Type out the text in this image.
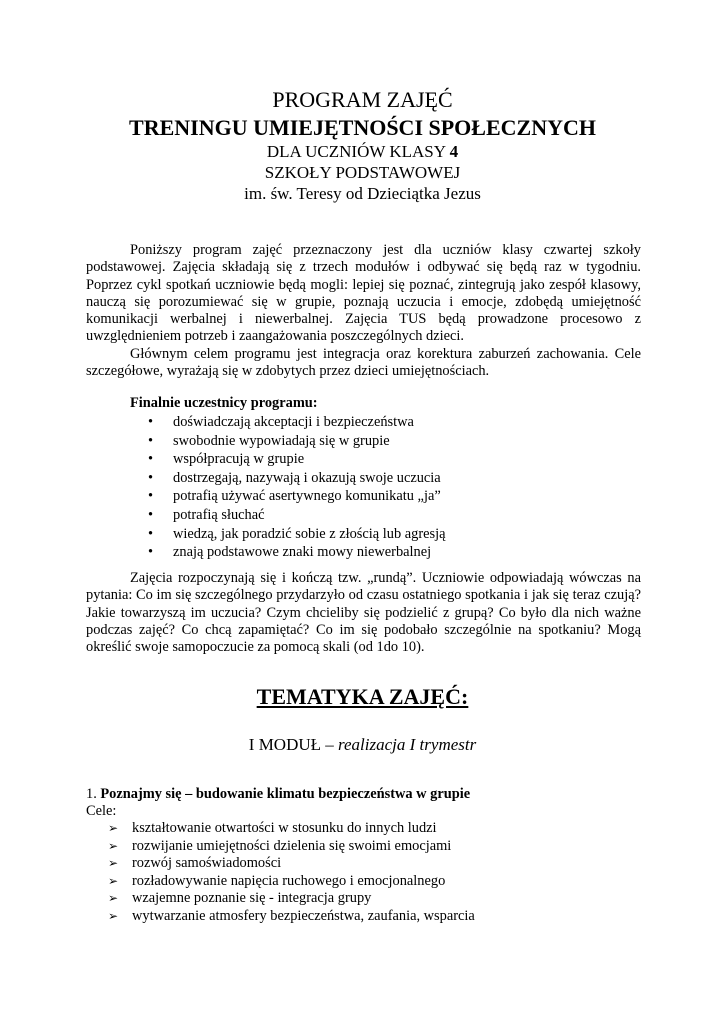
PROGRAM ZAJĘĆ
TRENINGU UMIEJĘTNOŚCI SPOŁECZNYCH
DLA UCZNIÓW KLASY 4
SZKOŁY PODSTAWOWEJ
im. św. Teresy od Dzieciątka Jezus

Poniższy program zajęć przeznaczony jest dla uczniów klasy czwartej szkoły podstawowej. Zajęcia składają się z trzech modułów i odbywać się będą raz w tygodniu. Poprzez cykl spotkań uczniowie będą mogli: lepiej się poznać, zintegrują jako zespół klasowy, nauczą się porozumiewać się w grupie, poznają uczucia i emocje, zdobędą umiejętność komunikacji werbalnej i niewerbalnej. Zajęcia TUS będą prowadzone procesowo z uwzględnieniem potrzeb i zaangażowania poszczególnych dzieci.

Głównym celem programu jest integracja oraz korektura zaburzeń zachowania. Cele szczegółowe, wyrażają się w zdobytych przez dzieci umiejętnościach.

Finalnie uczestnicy programu:
• doświadczają akceptacji i bezpieczeństwa
• swobodnie wypowiadają się w grupie
• współpracują w grupie
• dostrzegają, nazywają i okazują swoje uczucia
• potrafią używać asertywnego komunikatu „ja”
• potrafią słuchać
• wiedzą, jak poradzić sobie z złością lub agresją
• znają podstawowe znaki mowy niewerbalnej

Zajęcia rozpoczynają się i kończą tzw. „rundą”. Uczniowie odpowiadają wówczas na pytania: Co im się szczególnego przydarzyło od czasu ostatniego spotkania i jak się teraz czują? Jakie towarzyszą im uczucia? Czym chcieliby się podzielić z grupą? Co było dla nich ważne podczas zajęć? Co chcą zapamiętać? Co im się podobało szczególnie na spotkaniu? Mogą określić swoje samopoczucie za pomocą skali (od 1do 10).

TEMATYKA ZAJĘĆ:
I MODUŁ – realizacja I trymestr
1. Poznajmy się – budowanie klimatu bezpieczeństwa w grupie
Cele:
➢ kształtowanie otwartości w stosunku do innych ludzi
➢ rozwijanie umiejętności dzielenia się swoimi emocjami
➢ rozwój samoświadomości
➢ rozładowywanie napięcia ruchowego i emocjonalnego
➢ wzajemne poznanie się - integracja grupy
➢ wytwarzanie atmosfery bezpieczeństwa, zaufania, wsparcia
